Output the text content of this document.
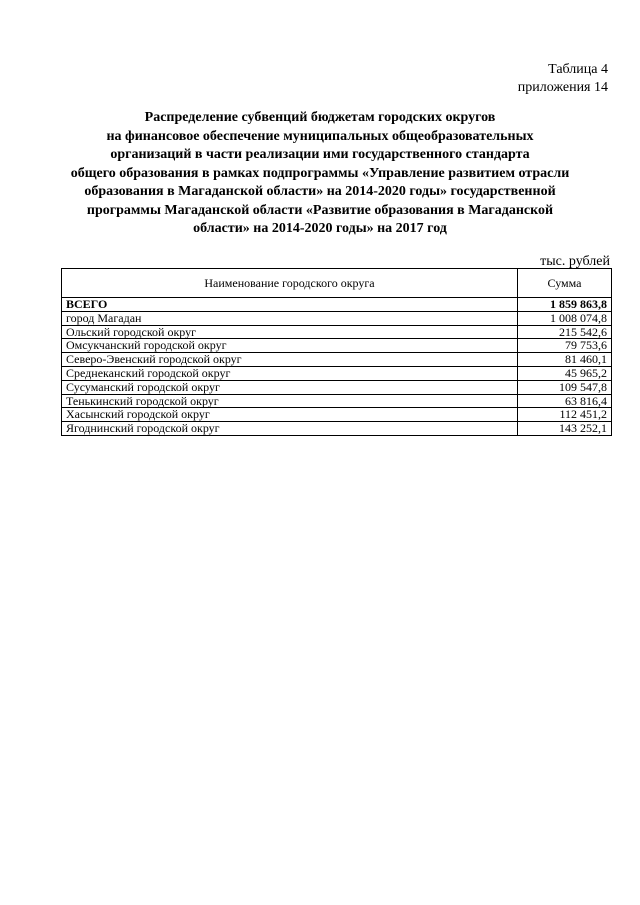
Таблица 4
приложения 14
Распределение субвенций бюджетам городских округов
на финансовое обеспечение муниципальных общеобразовательных
организаций в части реализации ими государственного стандарта
общего образования в рамках подпрограммы «Управление развитием отрасли
образования в Магаданской области» на 2014-2020 годы» государственной
программы Магаданской области «Развитие образования в Магаданской
области» на 2014-2020 годы» на 2017 год
тыс. рублей
Наименование городского округа	Сумма
ВСЕГО	1 859 863,8
город Магадан	1 008 074,8
Ольский городской округ	215 542,6
Омсукчанский городской округ	79 753,6
Северо-Эвенский городской округ	81 460,1
Среднеканский городской округ	45 965,2
Сусуманский городской округ	109 547,8
Тенькинский городской округ	63 816,4
Хасынский городской округ	112 451,2
Ягоднинский городской округ	143 252,1
